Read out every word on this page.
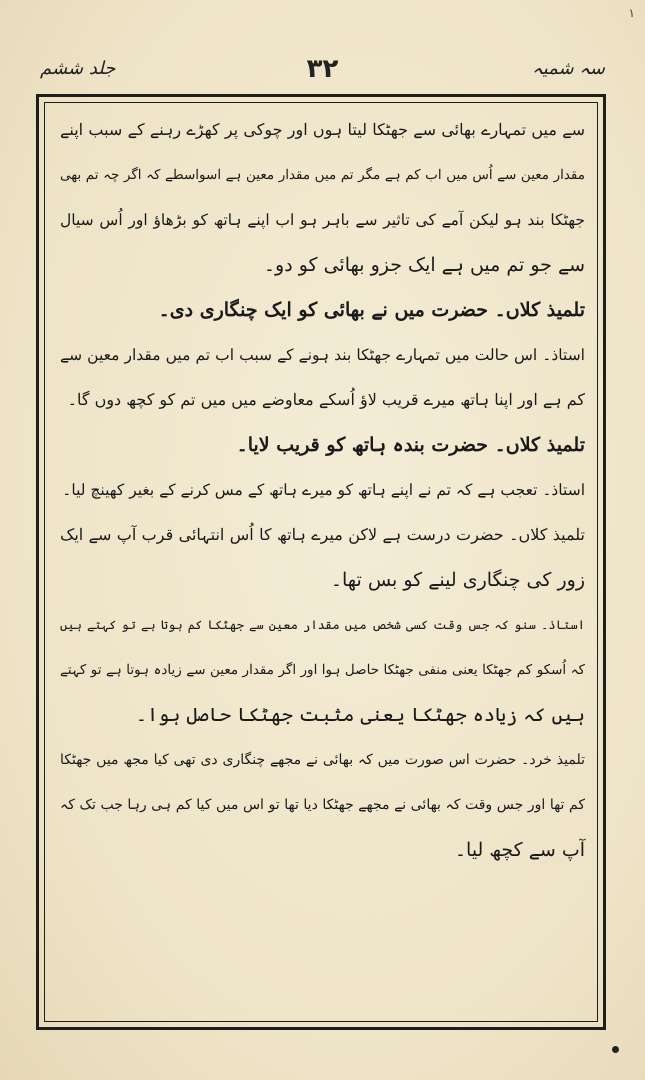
١
سہ شمیہ
۳۲
جلد ششم
سے میں تمہارے بھائی سے جھٹکا لیتا ہوں اور چوکی پر کھڑے رہنے کے سبب اپنے
مقدار معین سے اُس میں اب کم ہے مگر تم میں مقدار معین ہے اسواسطے کہ اگر چہ تم بھی
جھٹکا بند ہو لیکن آمے کی تاثیر سے باہر ہو اب اپنے ہاتھ کو بڑھاؤ اور اُس سیال
سے جو تم میں ہے ایک جزو بھائی کو دو۔
تلمیذ کلاں۔ حضرت میں نے بھائی کو ایک چنگاری دی۔
استاذ۔ اس حالت میں تمہارے جھٹکا بند ہونے کے سبب اب تم میں مقدار معین سے
کم ہے اور اپنا ہاتھ میرے قریب لاؤ اُسکے معاوضے میں میں تم کو کچھ دوں گا۔
تلمیذ کلاں۔ حضرت بندہ ہاتھ کو قریب لایا۔
استاذ۔ تعجب ہے کہ تم نے اپنے ہاتھ کو میرے ہاتھ کے مس کرنے کے بغیر کھینچ لیا۔
تلمیذ کلاں۔ حضرت درست ہے لاکن میرے ہاتھ کا اُس انتہائی قرب آپ سے ایک
زور کی چنگاری لینے کو بس تھا۔
استاذ۔ سنو کہ جس وقت کسی شخص میں مقدار معین سے جھٹکا کم ہوتا ہے تو کہتے ہیں
کہ اُسکو کم جھٹکا یعنی منفی جھٹکا حاصل ہوا اور اگر مقدار معین سے زیادہ ہوتا ہے تو کہتے
ہیں کہ زیادہ جھٹکا یعنی مثبت جھٹکا حاصل ہوا۔
تلمیذ خرد۔ حضرت اس صورت میں کہ بھائی نے مجھے چنگاری دی تھی کیا مجھ میں جھٹکا
کم تھا اور جس وقت کہ بھائی نے مجھے جھٹکا دیا تھا تو اس میں کیا کم ہی رہا جب تک کہ
آپ سے کچھ لیا۔
